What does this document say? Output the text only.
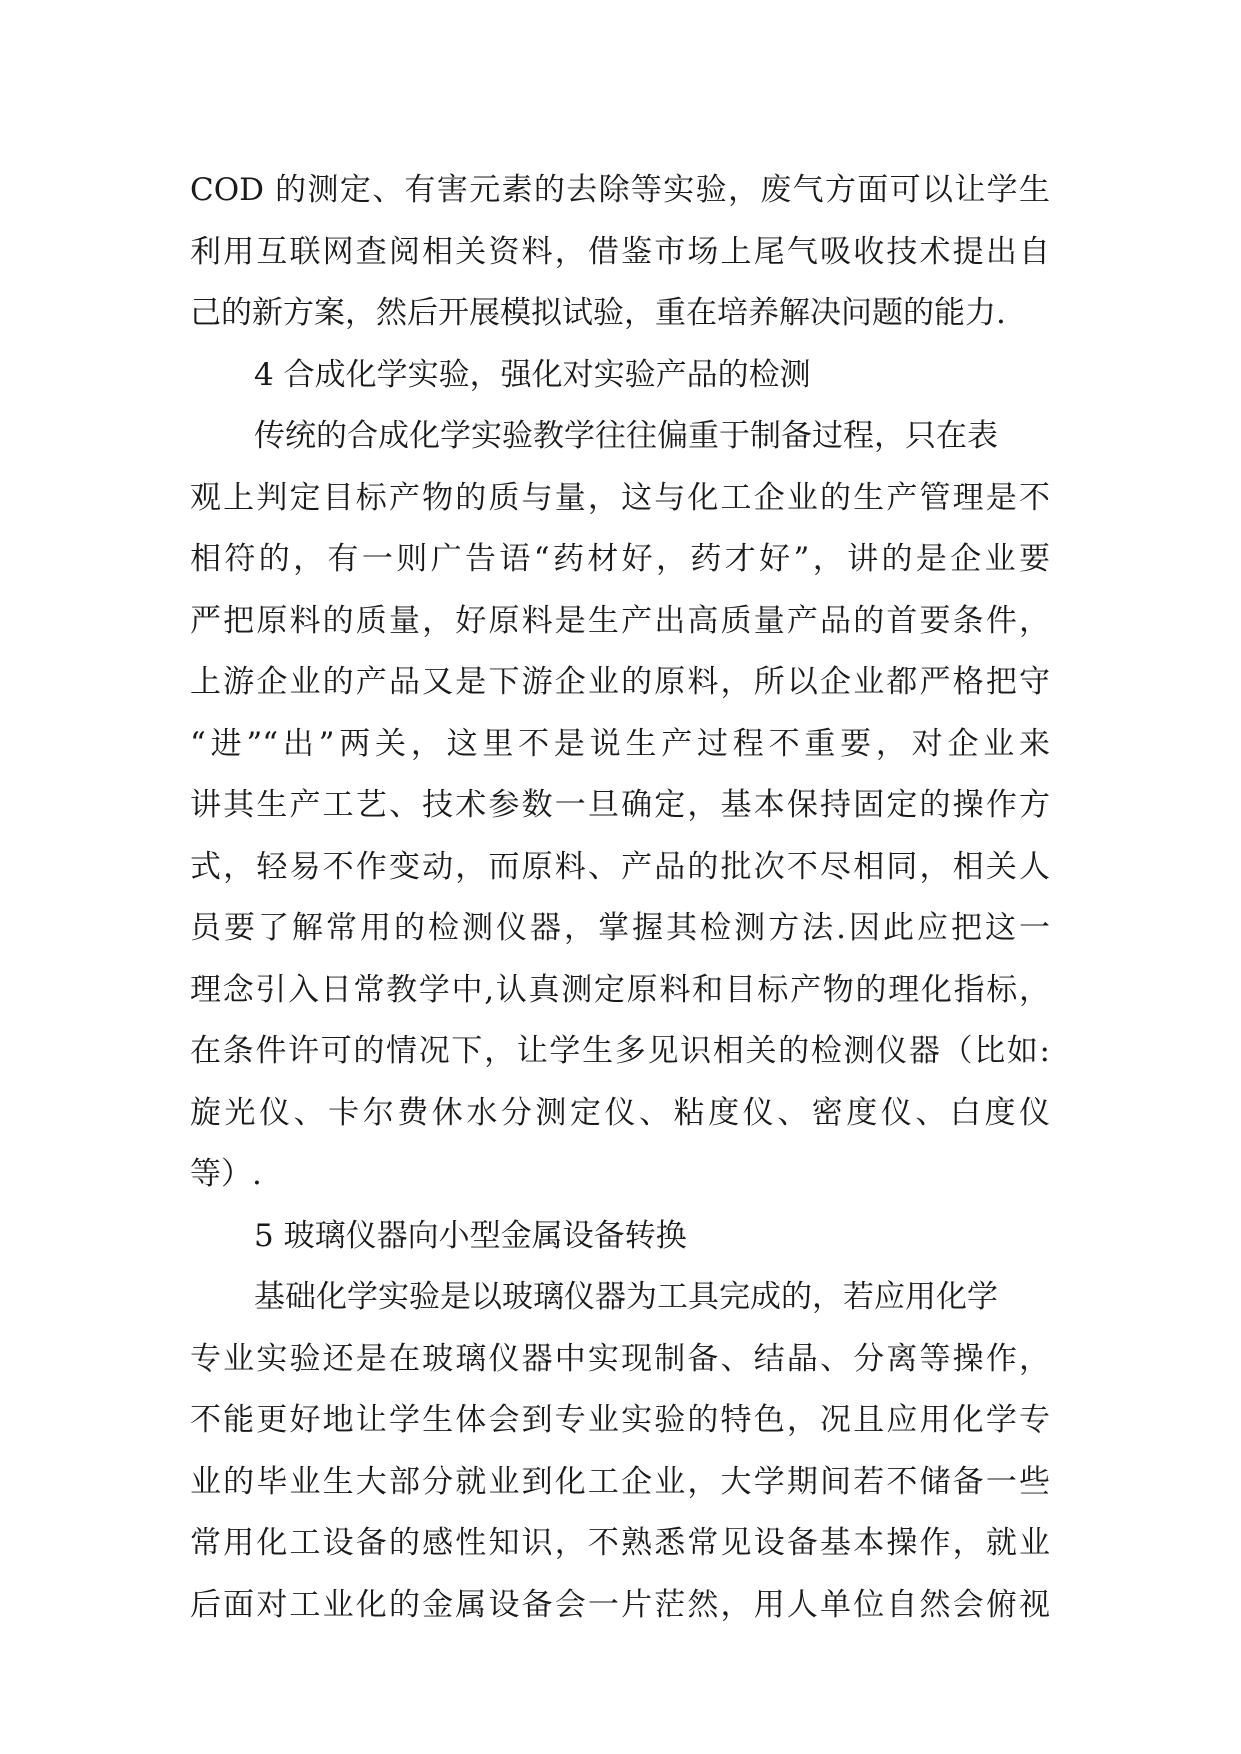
COD 的测定、有害元素的去除等实验，废气方面可以让学生
利用互联网查阅相关资料，借鉴市场上尾气吸收技术提出自
己的新方案，然后开展模拟试验，重在培养解决问题的能力.
4 合成化学实验，强化对实验产品的检测
传统的合成化学实验教学往往偏重于制备过程，只在表
观上判定目标产物的质与量，这与化工企业的生产管理是不
相符的，有一则广告语“药材好，药才好”，讲的是企业要
严把原料的质量，好原料是生产出高质量产品的首要条件，
上游企业的产品又是下游企业的原料，所以企业都严格把守
“进”“出”两关，这里不是说生产过程不重要，对企业来
讲其生产工艺、技术参数一旦确定，基本保持固定的操作方
式，轻易不作变动，而原料、产品的批次不尽相同，相关人
员要了解常用的检测仪器，掌握其检测方法.因此应把这一
理念引入日常教学中,认真测定原料和目标产物的理化指标，
在条件许可的情况下，让学生多见识相关的检测仪器（比如:
旋光仪、卡尔费休水分测定仪、粘度仪、密度仪、白度仪
等）.
5 玻璃仪器向小型金属设备转换
基础化学实验是以玻璃仪器为工具完成的，若应用化学
专业实验还是在玻璃仪器中实现制备、结晶、分离等操作，
不能更好地让学生体会到专业实验的特色，况且应用化学专
业的毕业生大部分就业到化工企业，大学期间若不储备一些
常用化工设备的感性知识，不熟悉常见设备基本操作，就业
后面对工业化的金属设备会一片茫然，用人单位自然会俯视
